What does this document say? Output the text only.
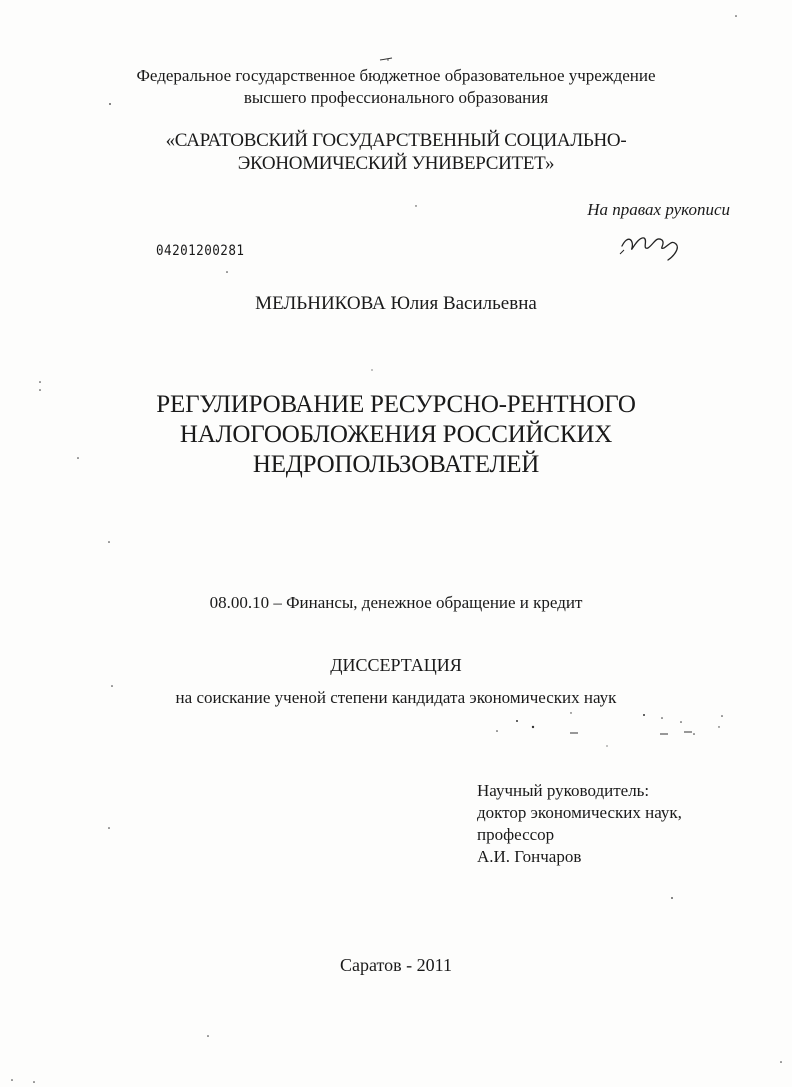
Федеральное государственное бюджетное образовательное учреждение
высшего профессионального образования
«САРАТОВСКИЙ ГОСУДАРСТВЕННЫЙ СОЦИАЛЬНО-
ЭКОНОМИЧЕСКИЙ УНИВЕРСИТЕТ»
На правах рукописи
04201200281
МЕЛЬНИКОВА Юлия Васильевна
РЕГУЛИРОВАНИЕ РЕСУРСНО-РЕНТНОГО
НАЛОГООБЛОЖЕНИЯ РОССИЙСКИХ
НЕДРОПОЛЬЗОВАТЕЛЕЙ
08.00.10 – Финансы, денежное обращение и кредит
ДИССЕРТАЦИЯ
на соискание ученой степени кандидата экономических наук
Научный руководитель:
доктор экономических наук,
профессор
А.И. Гончаров
Саратов - 2011
